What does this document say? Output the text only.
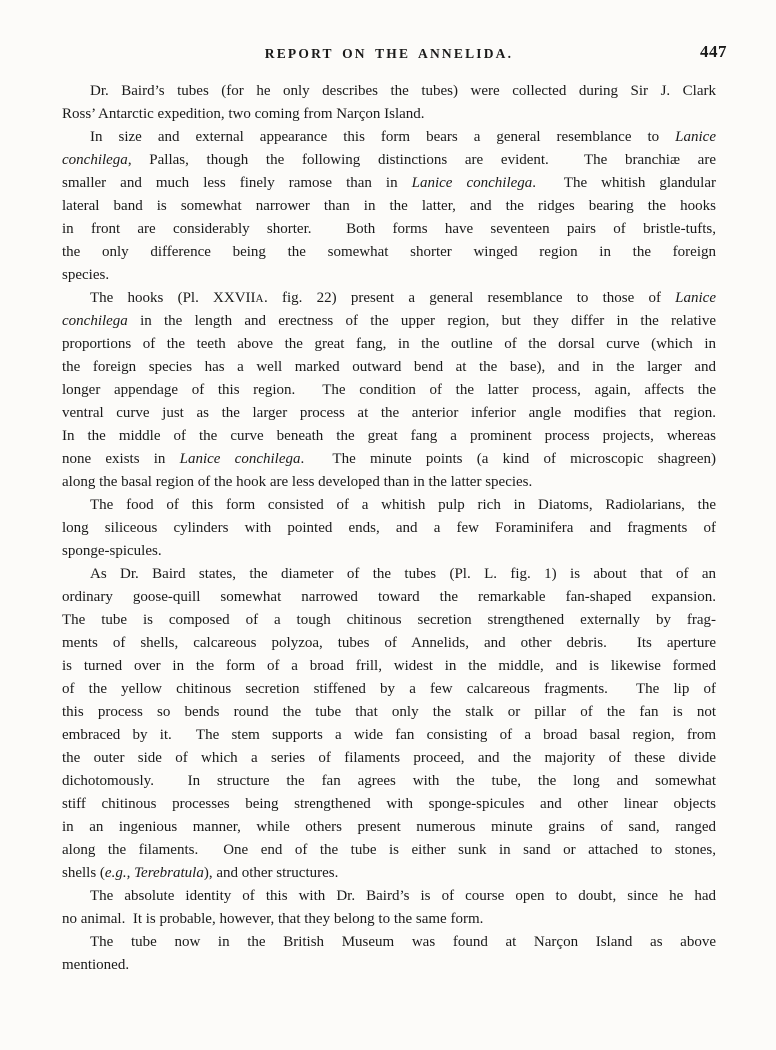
REPORT ON THE ANNELIDA.	447
Dr. Baird’s tubes (for he only describes the tubes) were collected during Sir J. Clark
Ross’ Antarctic expedition, two coming from Narçon Island.
In size and external appearance this form bears a general resemblance to Lanice
conchilega, Pallas, though the following distinctions are evident.  The branchiæ are
smaller and much less finely ramose than in Lanice conchilega.  The whitish glandular
lateral band is somewhat narrower than in the latter, and the ridges bearing the hooks
in front are considerably shorter.  Both forms have seventeen pairs of bristle-tufts,
the only difference being the somewhat shorter winged region in the foreign
species.
The hooks (Pl. XXVIIA. fig. 22) present a general resemblance to those of Lanice
conchilega in the length and erectness of the upper region, but they differ in the relative
proportions of the teeth above the great fang, in the outline of the dorsal curve (which in
the foreign species has a well marked outward bend at the base), and in the larger and
longer appendage of this region.  The condition of the latter process, again, affects the
ventral curve just as the larger process at the anterior inferior angle modifies that region.
In the middle of the curve beneath the great fang a prominent process projects, whereas
none exists in Lanice conchilega.  The minute points (a kind of microscopic shagreen)
along the basal region of the hook are less developed than in the latter species.
The food of this form consisted of a whitish pulp rich in Diatoms, Radiolarians, the
long siliceous cylinders with pointed ends, and a few Foraminifera and fragments of
sponge-spicules.
As Dr. Baird states, the diameter of the tubes (Pl. L. fig. 1) is about that of an
ordinary goose-quill somewhat narrowed toward the remarkable fan-shaped expansion.
The tube is composed of a tough chitinous secretion strengthened externally by frag-
ments of shells, calcareous polyzoa, tubes of Annelids, and other debris.  Its aperture
is turned over in the form of a broad frill, widest in the middle, and is likewise formed
of the yellow chitinous secretion stiffened by a few calcareous fragments.  The lip of
this process so bends round the tube that only the stalk or pillar of the fan is not
embraced by it.  The stem supports a wide fan consisting of a broad basal region, from
the outer side of which a series of filaments proceed, and the majority of these divide
dichotomously.  In structure the fan agrees with the tube, the long and somewhat
stiff chitinous processes being strengthened with sponge-spicules and other linear objects
in an ingenious manner, while others present numerous minute grains of sand, ranged
along the filaments.  One end of the tube is either sunk in sand or attached to stones,
shells (e.g., Terebratula), and other structures.
The absolute identity of this with Dr. Baird’s is of course open to doubt, since he had
no animal.  It is probable, however, that they belong to the same form.
The tube now in the British Museum was found at Narçon Island as above
mentioned.
